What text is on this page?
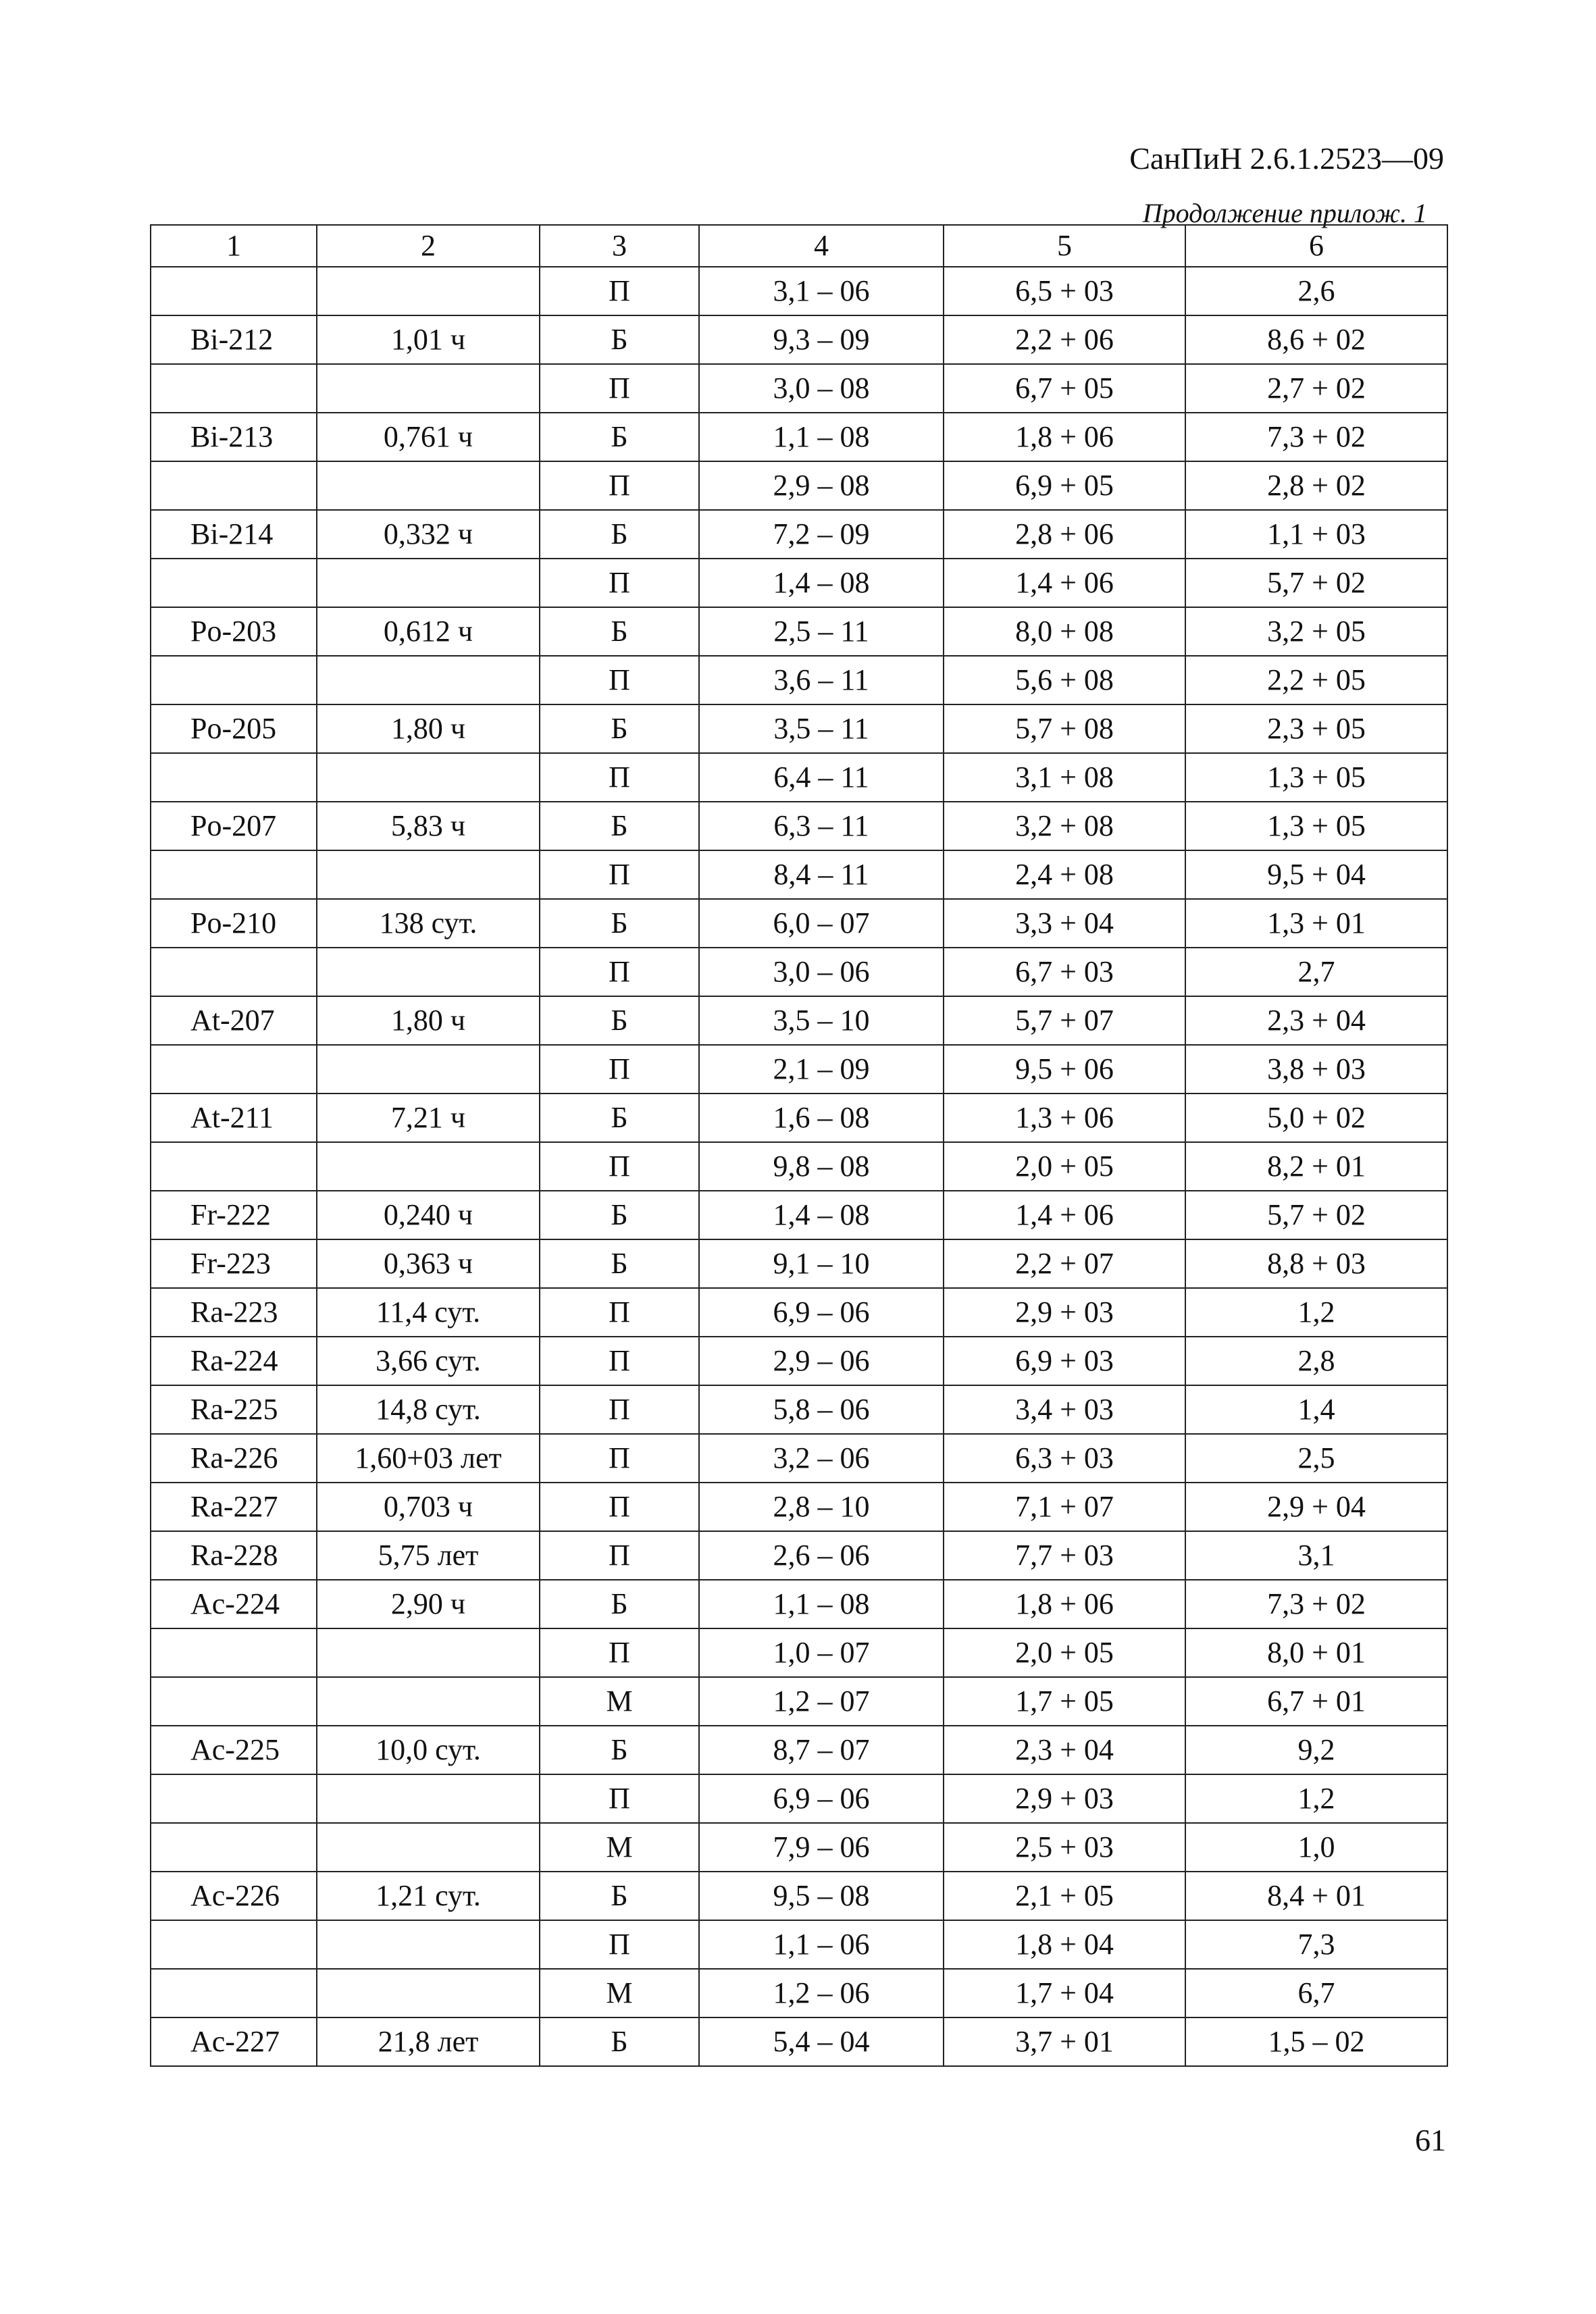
СанПиН 2.6.1.2523—09
Продолжение прилож. 1
1	2	3	4	5	6
		П	3,1 – 06	6,5 + 03	2,6
Bi-212	1,01 ч	Б	9,3 – 09	2,2 + 06	8,6 + 02
		П	3,0 – 08	6,7 + 05	2,7 + 02
Bi-213	0,761 ч	Б	1,1 – 08	1,8 + 06	7,3 + 02
		П	2,9 – 08	6,9 + 05	2,8 + 02
Bi-214	0,332 ч	Б	7,2 – 09	2,8 + 06	1,1 + 03
		П	1,4 – 08	1,4 + 06	5,7 + 02
Po-203	0,612 ч	Б	2,5 – 11	8,0 + 08	3,2 + 05
		П	3,6 – 11	5,6 + 08	2,2 + 05
Po-205	1,80 ч	Б	3,5 – 11	5,7 + 08	2,3 + 05
		П	6,4 – 11	3,1 + 08	1,3 + 05
Po-207	5,83 ч	Б	6,3 – 11	3,2 + 08	1,3 + 05
		П	8,4 – 11	2,4 + 08	9,5 + 04
Po-210	138 сут.	Б	6,0 – 07	3,3 + 04	1,3 + 01
		П	3,0 – 06	6,7 + 03	2,7
At-207	1,80 ч	Б	3,5 – 10	5,7 + 07	2,3 + 04
		П	2,1 – 09	9,5 + 06	3,8 + 03
At-211	7,21 ч	Б	1,6 – 08	1,3 + 06	5,0 + 02
		П	9,8 – 08	2,0 + 05	8,2 + 01
Fr-222	0,240 ч	Б	1,4 – 08	1,4 + 06	5,7 + 02
Fr-223	0,363 ч	Б	9,1 – 10	2,2 + 07	8,8 + 03
Ra-223	11,4 сут.	П	6,9 – 06	2,9 + 03	1,2
Ra-224	3,66 сут.	П	2,9 – 06	6,9 + 03	2,8
Ra-225	14,8 сут.	П	5,8 – 06	3,4 + 03	1,4
Ra-226	1,60+03 лет	П	3,2 – 06	6,3 + 03	2,5
Ra-227	0,703 ч	П	2,8 – 10	7,1 + 07	2,9 + 04
Ra-228	5,75 лет	П	2,6 – 06	7,7 + 03	3,1
Ac-224	2,90 ч	Б	1,1 – 08	1,8 + 06	7,3 + 02
		П	1,0 – 07	2,0 + 05	8,0 + 01
		М	1,2 – 07	1,7 + 05	6,7 + 01
Ac-225	10,0 сут.	Б	8,7 – 07	2,3 + 04	9,2
		П	6,9 – 06	2,9 + 03	1,2
		М	7,9 – 06	2,5 + 03	1,0
Ac-226	1,21 сут.	Б	9,5 – 08	2,1 + 05	8,4 + 01
		П	1,1 – 06	1,8 + 04	7,3
		М	1,2 – 06	1,7 + 04	6,7
Ac-227	21,8 лет	Б	5,4 – 04	3,7 + 01	1,5 – 02
61
